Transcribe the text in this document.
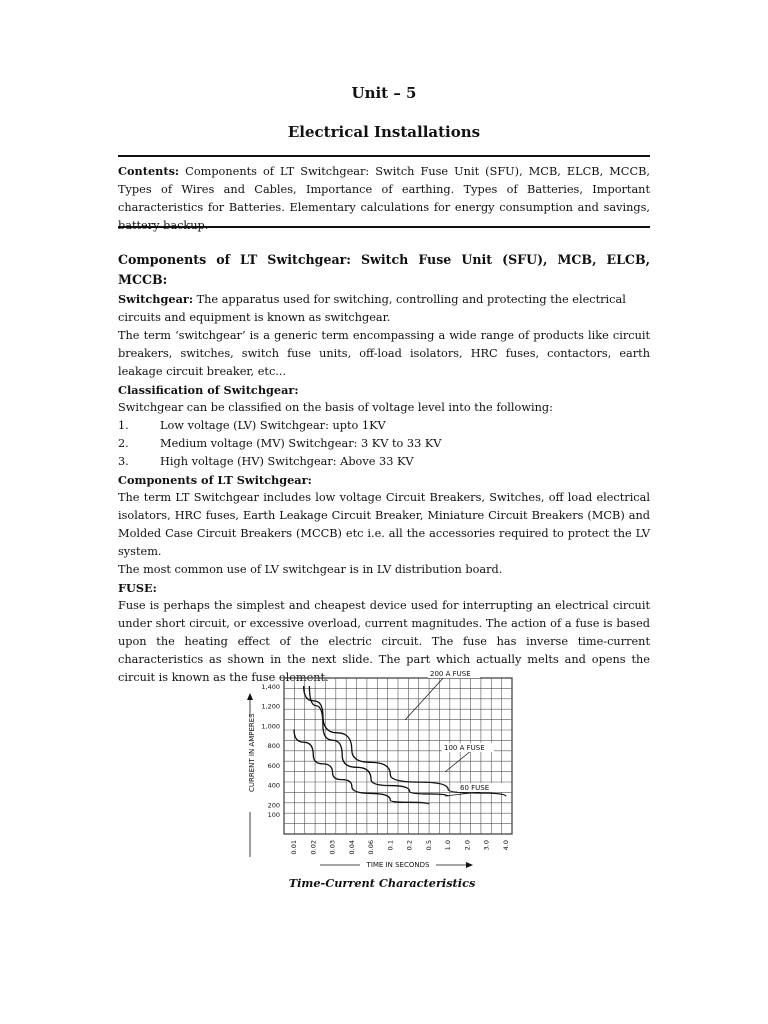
Unit – 5
Electrical Installations
Contents: Components of LT Switchgear: Switch Fuse Unit (SFU), MCB, ELCB, MCCB, Types of Wires and Cables, Importance of earthing. Types of Batteries, Important characteristics for Batteries. Elementary calculations for energy consumption and savings, battery backup.

Components of LT Switchgear: Switch Fuse Unit (SFU), MCB, ELCB, MCCB:

Switchgear: The apparatus used for switching, controlling and protecting the electrical
circuits and equipment is known as switchgear.

The term ‘switchgear’ is a generic term encompassing a wide range of products like circuit breakers, switches, switch fuse units, off-load isolators, HRC fuses, contactors, earth leakage circuit breaker, etc...

Classification of Switchgear:

Switchgear can be classified on the basis of voltage level into the following:

1.	Low voltage (LV) Switchgear: upto 1KV
2.	Medium voltage (MV) Switchgear: 3 KV to 33 KV
3.	High voltage (HV) Switchgear: Above 33 KV

Components of LT Switchgear:

The term LT Switchgear includes low voltage Circuit Breakers, Switches, off load electrical isolators, HRC fuses, Earth Leakage Circuit Breaker, Miniature Circuit Breakers (MCB) and Molded Case Circuit Breakers (MCCB) etc i.e. all the accessories required to protect the LV system.

The most common use of LV switchgear is in LV distribution board.

FUSE:

Fuse is perhaps the simplest and cheapest device used for interrupting an electrical circuit under short circuit, or excessive overload, current magnitudes. The action of a fuse is based upon the heating effect of the electric circuit. The fuse has inverse time-current characteristics as shown in the next slide. The part which actually melts and opens the circuit is known as the fuse element.

1,400
1,200
1,000
800
600
400
200
100
0.01 0.02 0.03 0.04 0.06 0.1 0.2 0.5 1.0 2.0 3.0 4.0
CURRENT IN AMPERES
TIME IN SECONDS
200 A FUSE
100 A FUSE
60 FUSE
Time-Current Characteristics
